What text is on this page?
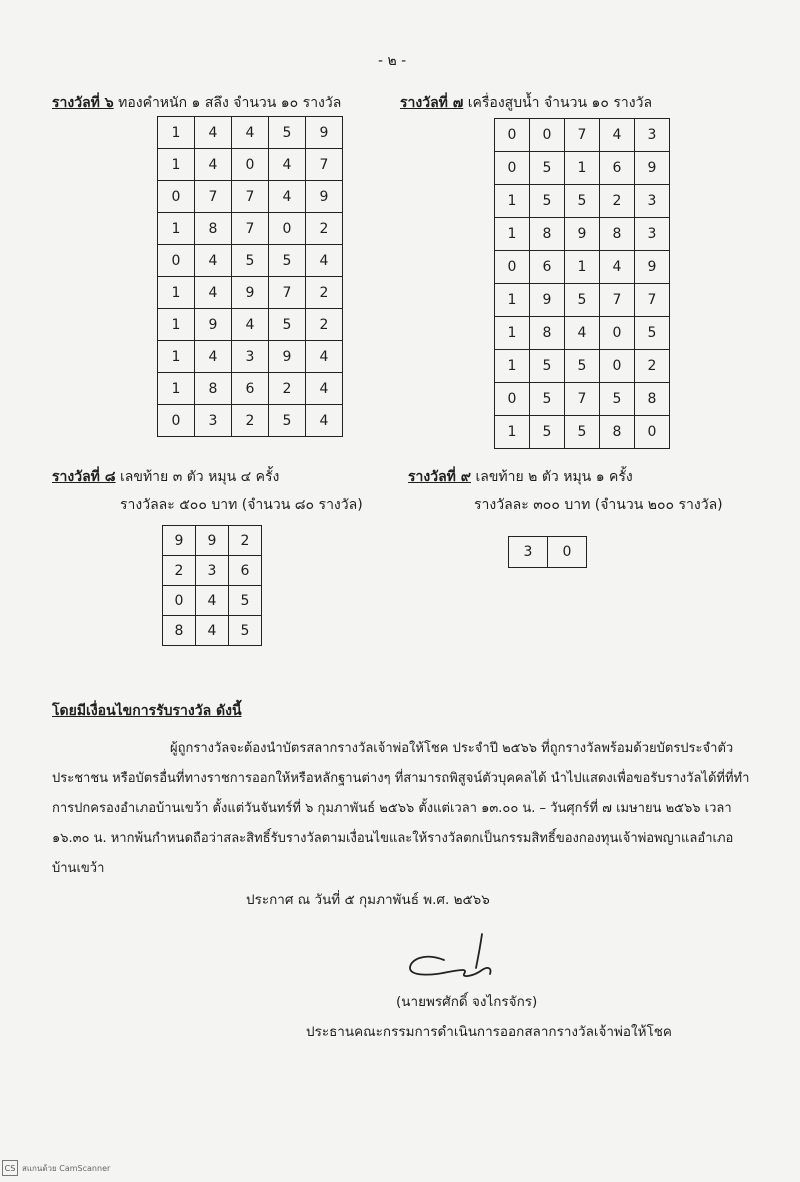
- ๒ -
รางวัลที่ ๖ ทองคำหนัก ๑ สลึง จำนวน ๑๐ รางวัล
1	4	4	5	9
1	4	0	4	7
0	7	7	4	9
1	8	7	0	2
0	4	5	5	4
1	4	9	7	2
1	9	4	5	2
1	4	3	9	4
1	8	6	2	4
0	3	2	5	4
รางวัลที่ ๗ เครื่องสูบน้ำ จำนวน ๑๐ รางวัล
0	0	7	4	3
0	5	1	6	9
1	5	5	2	3
1	8	9	8	3
0	6	1	4	9
1	9	5	7	7
1	8	4	0	5
1	5	5	0	2
0	5	7	5	8
1	5	5	8	0
รางวัลที่ ๘ เลขท้าย ๓ ตัว หมุน ๔ ครั้ง
รางวัลละ ๕๐๐ บาท (จำนวน ๘๐ รางวัล)
9	9	2
2	3	6
0	4	5
8	4	5
รางวัลที่ ๙ เลขท้าย ๒ ตัว หมุน ๑ ครั้ง
รางวัลละ ๓๐๐ บาท (จำนวน ๒๐๐ รางวัล)
3	0
โดยมีเงื่อนไขการรับรางวัล ดังนี้
ผู้ถูกรางวัลจะต้องนำบัตรสลากรางวัลเจ้าพ่อให้โชค ประจำปี ๒๕๖๖ ที่ถูกรางวัลพร้อมด้วยบัตรประจำตัว
ประชาชน หรือบัตรอื่นที่ทางราชการออกให้หรือหลักฐานต่างๆ ที่สามารถพิสูจน์ตัวบุคคลได้ นำไปแสดงเพื่อขอรับรางวัลได้ที่ที่ทำ
การปกครองอำเภอบ้านเขว้า ตั้งแต่วันจันทร์ที่ ๖ กุมภาพันธ์ ๒๕๖๖ ตั้งแต่เวลา ๑๓.๐๐ น. – วันศุกร์ที่ ๗ เมษายน ๒๕๖๖ เวลา
๑๖.๓๐ น. หากพ้นกำหนดถือว่าสละสิทธิ์รับรางวัลตามเงื่อนไขและให้รางวัลตกเป็นกรรมสิทธิ์ของกองทุนเจ้าพ่อพญาแลอำเภอ
บ้านเขว้า
ประกาศ ณ วันที่ ๕ กุมภาพันธ์ พ.ศ. ๒๕๖๖
(นายพรศักดิ์ จงไกรจักร)
ประธานคณะกรรมการดำเนินการออกสลากรางวัลเจ้าพ่อให้โชค
CS สแกนด้วย CamScanner
